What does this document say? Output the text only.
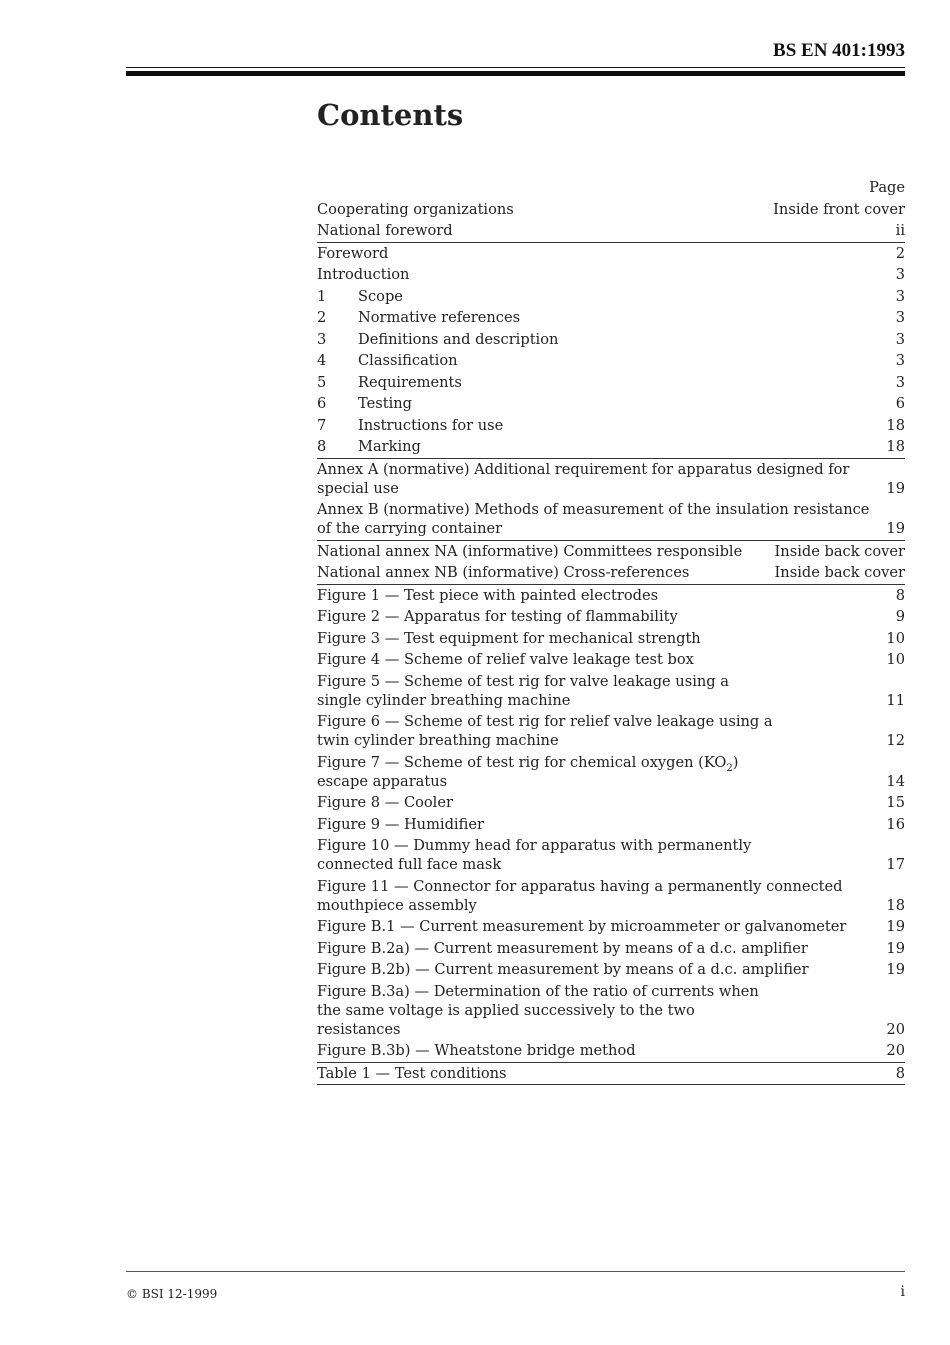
BS EN 401:1993
Contents
Page
Cooperating organizations	Inside front cover
National foreword	ii
Foreword	2
Introduction	3
1	Scope	3
2	Normative references	3
3	Definitions and description	3
4	Classification	3
5	Requirements	3
6	Testing	6
7	Instructions for use	18
8	Marking	18
Annex A (normative) Additional requirement for apparatus designed for special use	19
Annex B (normative) Methods of measurement of the insulation resistance of the carrying container	19
National annex NA (informative) Committees responsible	Inside back cover
National annex NB (informative) Cross-references	Inside back cover
Figure 1 — Test piece with painted electrodes	8
Figure 2 — Apparatus for testing of flammability	9
Figure 3 — Test equipment for mechanical strength	10
Figure 4 — Scheme of relief valve leakage test box	10
Figure 5 — Scheme of test rig for valve leakage using a single cylinder breathing machine	11
Figure 6 — Scheme of test rig for relief valve leakage using a twin cylinder breathing machine	12
Figure 7 — Scheme of test rig for chemical oxygen $(KO_2)$ escape apparatus	14
Figure 8 — Cooler	15
Figure 9 — Humidifier	16
Figure 10 — Dummy head for apparatus with permanently connected full face mask	17
Figure 11 — Connector for apparatus having a permanently connected mouthpiece assembly	18
Figure B.1 — Current measurement by microammeter or galvanometer	19
Figure B.2a) — Current measurement by means of a d.c. amplifier	19
Figure B.2b) — Current measurement by means of a d.c. amplifier	19
Figure B.3a) — Determination of the ratio of currents when the same voltage is applied successively to the two resistances	20
Figure B.3b) — Wheatstone bridge method	20
Table 1 — Test conditions	8
© BSI 12-1999	i
